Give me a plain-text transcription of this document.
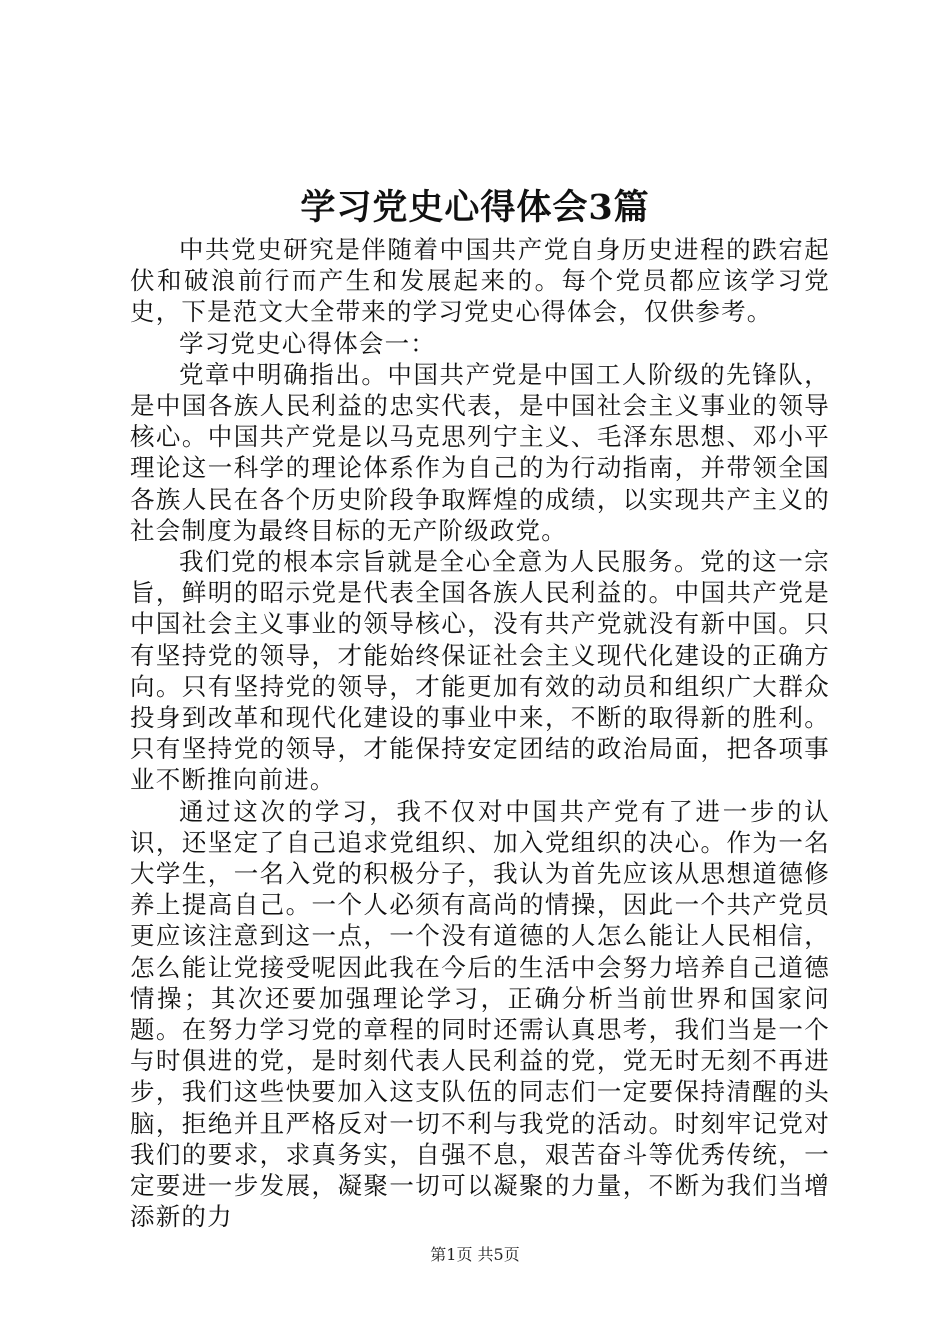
学习党史心得体会3篇

中共党史研究是伴随着中国共产党自身历史进程的跌宕起伏和破浪前行而产生和发展起来的。每个党员都应该学习党史，下是范文大全带来的学习党史心得体会，仅供参考。

学习党史心得体会一：

党章中明确指出。中国共产党是中国工人阶级的先锋队，是中国各族人民利益的忠实代表，是中国社会主义事业的领导核心。中国共产党是以马克思列宁主义、毛泽东思想、邓小平理论这一科学的理论体系作为自己的为行动指南，并带领全国各族人民在各个历史阶段争取辉煌的成绩，以实现共产主义的社会制度为最终目标的无产阶级政党。

我们党的根本宗旨就是全心全意为人民服务。党的这一宗旨，鲜明的昭示党是代表全国各族人民利益的。中国共产党是中国社会主义事业的领导核心，没有共产党就没有新中国。只有坚持党的领导，才能始终保证社会主义现代化建设的正确方向。只有坚持党的领导，才能更加有效的动员和组织广大群众投身到改革和现代化建设的事业中来，不断的取得新的胜利。只有坚持党的领导，才能保持安定团结的政治局面，把各项事业不断推向前进。

通过这次的学习，我不仅对中国共产党有了进一步的认识，还坚定了自己追求党组织、加入党组织的决心。作为一名大学生，一名入党的积极分子，我认为首先应该从思想道德修养上提高自己。一个人必须有高尚的情操，因此一个共产党员更应该注意到这一点，一个没有道德的人怎么能让人民相信，怎么能让党接受呢因此我在今后的生活中会努力培养自己道德情操；其次还要加强理论学习，正确分析当前世界和国家问题。在努力学习党的章程的同时还需认真思考，我们当是一个与时俱进的党，是时刻代表人民利益的党，党无时无刻不再进步，我们这些快要加入这支队伍的同志们一定要保持清醒的头脑，拒绝并且严格反对一切不利与我党的活动。时刻牢记党对我们的要求，求真务实，自强不息，艰苦奋斗等优秀传统，一定要进一步发展，凝聚一切可以凝聚的力量，不断为我们当增添新的力

第1页 共5页
